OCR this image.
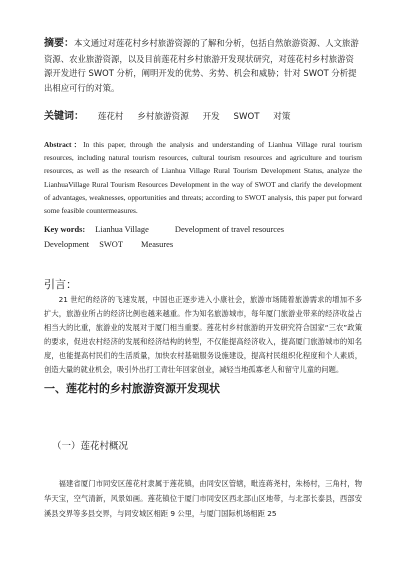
摘要：本文通过对莲花村乡村旅游资源的了解和分析，包括自然旅游资源、人文旅游资源、农业旅游资源，以及目前莲花村乡村旅游开发现状研究，对莲花村乡村旅游资源开发进行 SWOT 分析，阐明开发的优势、劣势、机会和威胁；针对 SWOT 分析提出相应可行的对策。
关键词： 莲花村 乡村旅游资源 开发 SWOT 对策
Abstract：In this paper, through the analysis and understanding of Lianhua Village rural tourism resources, including natural tourism resources, cultural tourism resources and agriculture and tourism resources, as well as the research of Lianhua Village Rural Tourism Development Status, analyze the LianhuaVillage Rural Tourism Resources Development in the way of SWOT and clarify the development of advantages, weaknesses, opportunities and threats; according to SWOT analysis, this paper put forward some feasible countermeasures.
Key words: Lianhua Village	Development of travel resources
Development SWOT Measures
引言：
21 世纪的经济的飞速发展，中国也正逐步进入小康社会，旅游市场随着旅游需求的增加不多扩大，旅游业所占的经济比例也越来越重。作为知名旅游城市，每年厦门旅游业带来的经济收益占相当大的比重，旅游业的发展对于厦门相当重要。莲花村乡村旅游的开发研究符合国家“三农”政策的要求，促进农村经济的发展和经济结构的转型，不仅能提高经济收入，提高厦门旅游城市的知名度，也能提高村民们的生活质量，加快农村基础服务设施建设，提高村民组织化程度和个人素质，创造大量的就业机会，吸引外出打工青壮年回家创业，减轻当地孤寡老人和留守儿童的问题。
一、莲花村的乡村旅游资源开发现状
（一）莲花村概况
福建省厦门市同安区莲花村隶属于莲花镇，由同安区管辖，毗连蒋尧村，朱杨村，三角村，物华天宝，空气清新，风景如画。莲花镇位于厦门市同安区西北部山区地带，与北部长泰县，西部安溪县交界等多县交界，与同安城区相距 9 公里，与厦门国际机场相距 25
